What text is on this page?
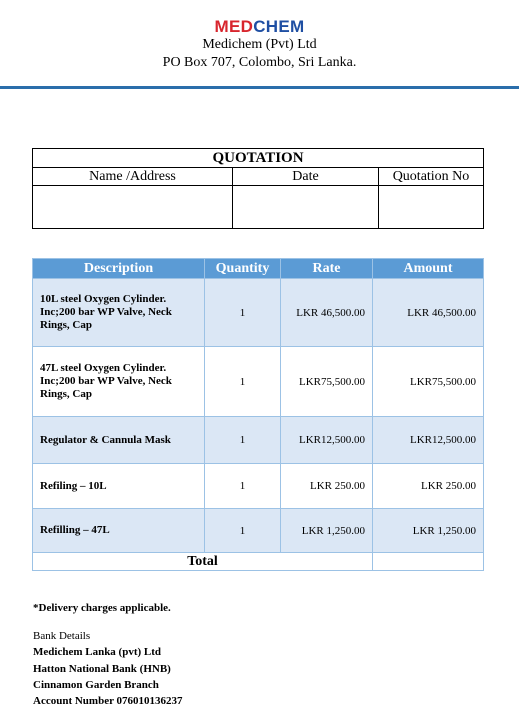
MEDCHEM
Medichem (Pvt) Ltd
PO Box 707, Colombo, Sri Lanka.
QUOTATION		
Name /Address	Date	Quotation No

Description	Quantity	Rate	Amount
10L steel Oxygen Cylinder. Inc;200 bar WP Valve, Neck Rings, Cap	1	LKR 46,500.00	LKR 46,500.00
47L steel Oxygen Cylinder. Inc;200 bar WP Valve, Neck Rings, Cap	1	LKR75,500.00	LKR75,500.00
Regulator & Cannula Mask	1	LKR12,500.00	LKR12,500.00
Refiling – 10L	1	LKR 250.00	LKR 250.00
Refilling – 47L	1	LKR 1,250.00	LKR 1,250.00
Total			
*Delivery charges applicable.
Bank Details
Medichem Lanka (pvt) Ltd
Hatton National Bank (HNB)
Cinnamon Garden Branch
Account Number 076010136237
